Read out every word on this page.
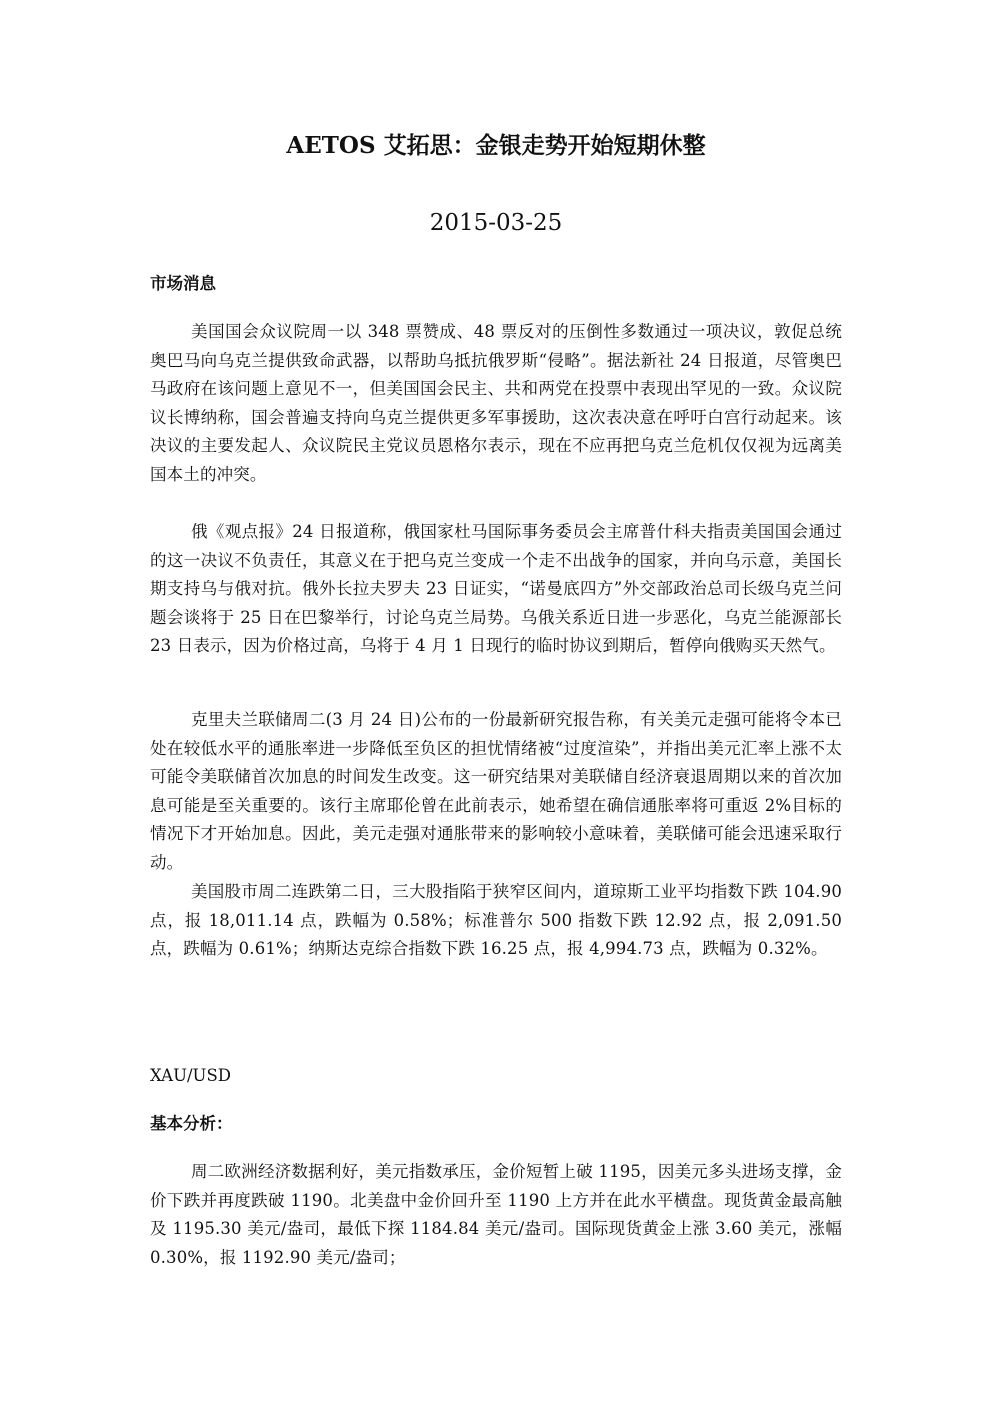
AETOS 艾拓思：金银走势开始短期休整
2015-03-25
市场消息

美国国会众议院周一以 348 票赞成、48 票反对的压倒性多数通过一项决议，敦促总统奥巴马向乌克兰提供致命武器，以帮助乌抵抗俄罗斯“侵略”。据法新社 24 日报道，尽管奥巴马政府在该问题上意见不一，但美国国会民主、共和两党在投票中表现出罕见的一致。众议院议长博纳称，国会普遍支持向乌克兰提供更多军事援助，这次表决意在呼吁白宫行动起来。该决议的主要发起人、众议院民主党议员恩格尔表示，现在不应再把乌克兰危机仅仅视为远离美国本土的冲突。

俄《观点报》24 日报道称，俄国家杜马国际事务委员会主席普什科夫指责美国国会通过的这一决议不负责任，其意义在于把乌克兰变成一个走不出战争的国家，并向乌示意，美国长期支持乌与俄对抗。俄外长拉夫罗夫 23 日证实，“诺曼底四方”外交部政治总司长级乌克兰问题会谈将于 25 日在巴黎举行，讨论乌克兰局势。乌俄关系近日进一步恶化，乌克兰能源部长 23 日表示，因为价格过高，乌将于 4 月 1 日现行的临时协议到期后，暂停向俄购买天然气。

克里夫兰联储周二(3 月 24 日)公布的一份最新研究报告称，有关美元走强可能将令本已处在较低水平的通胀率进一步降低至负区的担忧情绪被“过度渲染”，并指出美元汇率上涨不太可能令美联储首次加息的时间发生改变。这一研究结果对美联储自经济衰退周期以来的首次加息可能是至关重要的。该行主席耶伦曾在此前表示，她希望在确信通胀率将可重返 2%目标的情况下才开始加息。因此，美元走强对通胀带来的影响较小意味着，美联储可能会迅速采取行动。

美国股市周二连跌第二日，三大股指陷于狭窄区间内，道琼斯工业平均指数下跌 104.90 点，报 18,011.14 点，跌幅为 0.58%；标准普尔 500 指数下跌 12.92 点，报 2,091.50 点，跌幅为 0.61%；纳斯达克综合指数下跌 16.25 点，报 4,994.73 点，跌幅为 0.32%。

XAU/USD
基本分析：

周二欧洲经济数据利好，美元指数承压，金价短暂上破 1195，因美元多头进场支撑，金价下跌并再度跌破 1190。北美盘中金价回升至 1190 上方并在此水平横盘。现货黄金最高触及 1195.30 美元/盎司，最低下探 1184.84 美元/盎司。国际现货黄金上涨 3.60 美元，涨幅 0.30%，报 1192.90 美元/盎司；
